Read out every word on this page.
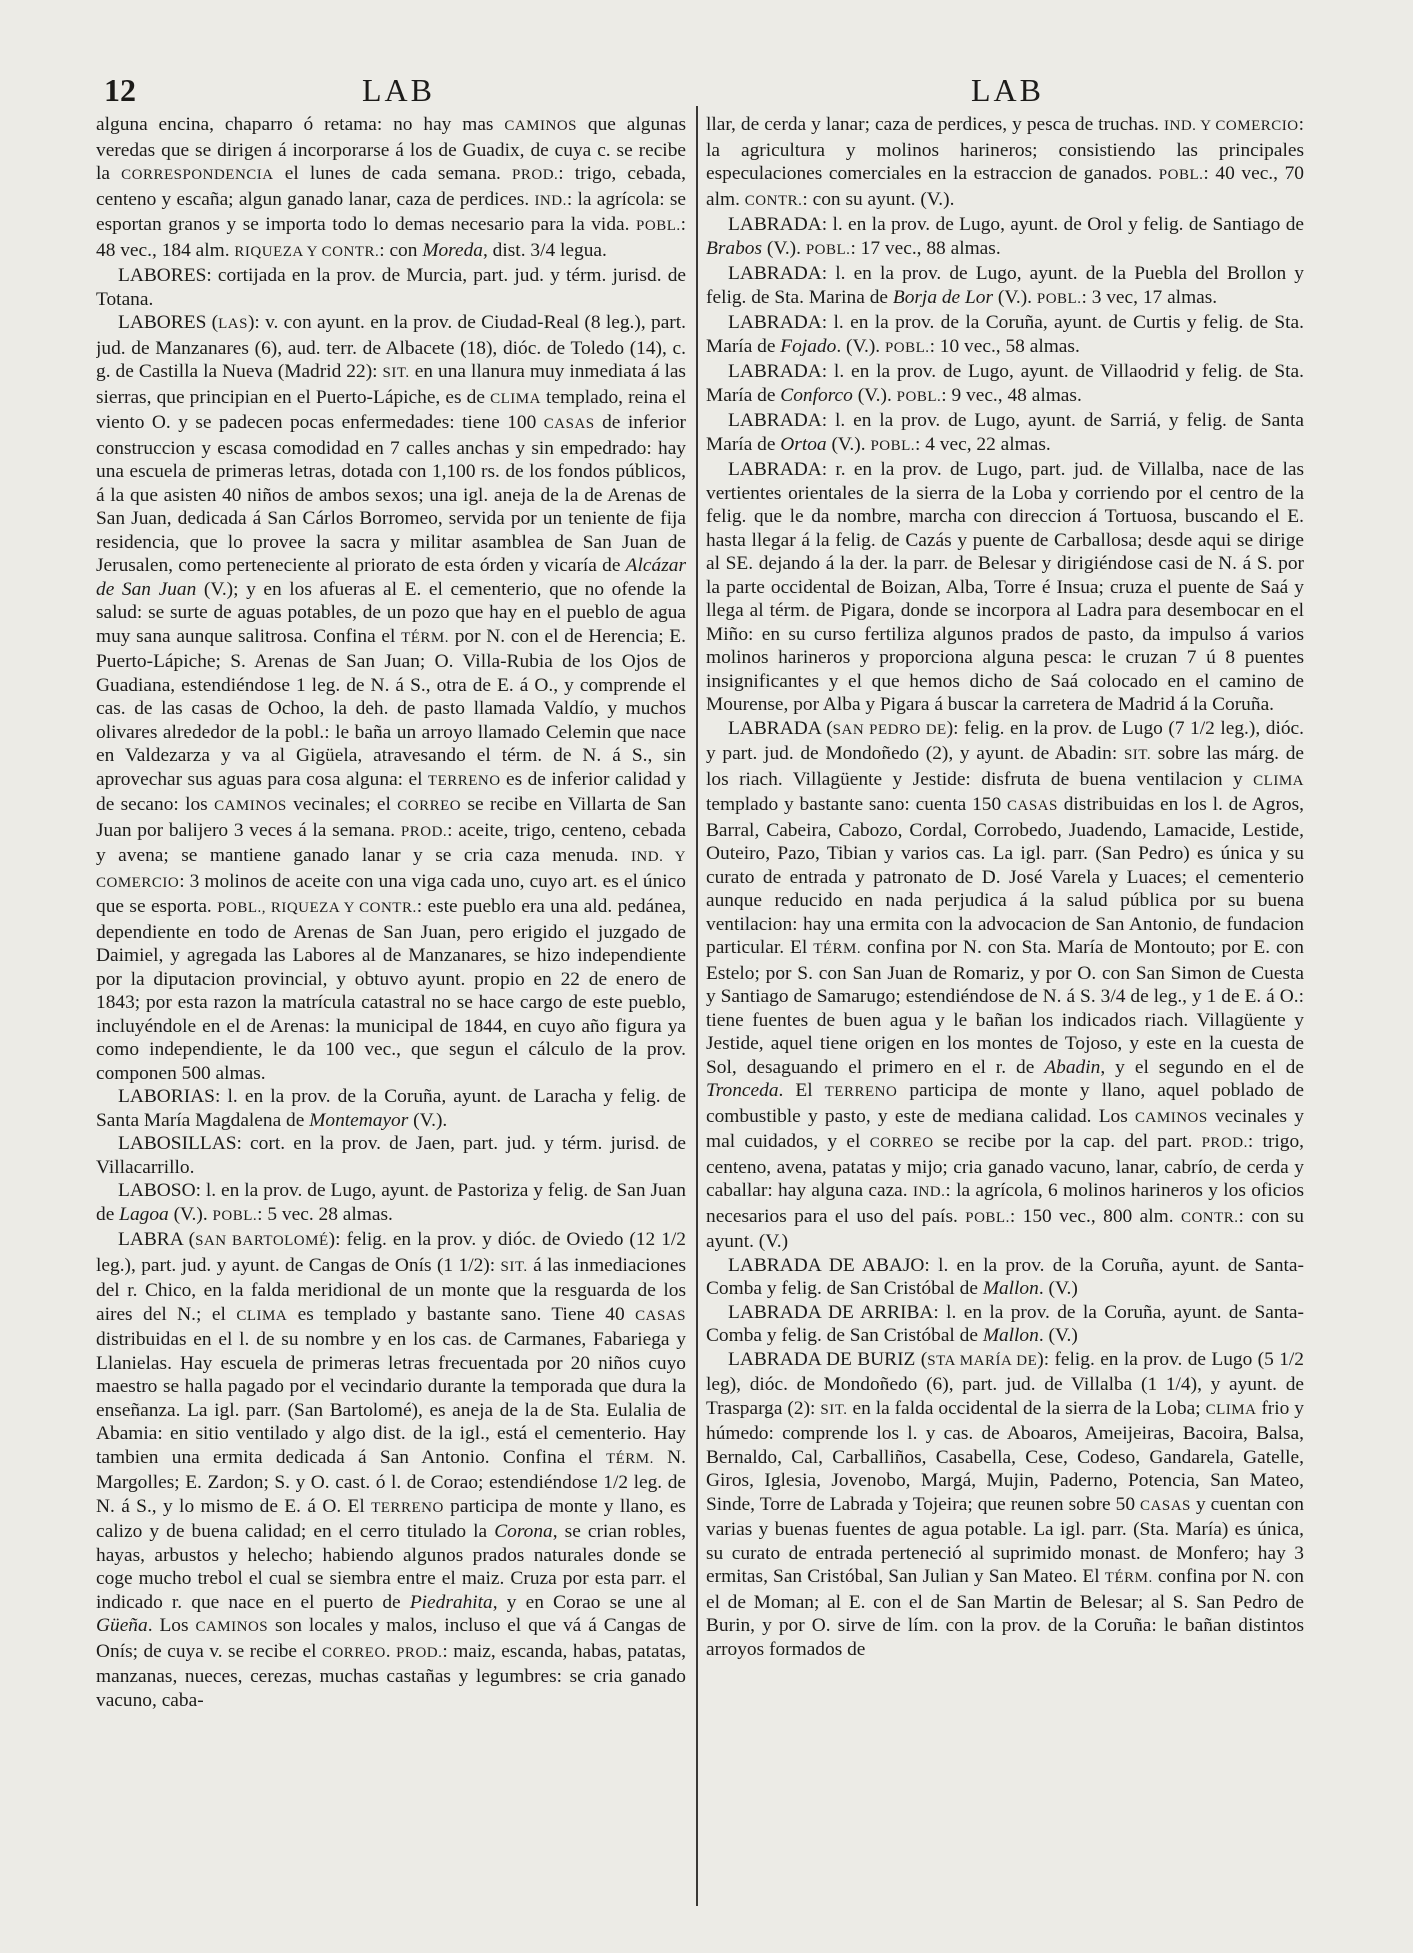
12	LAB	LAB

alguna encina, chaparro ó retama: no hay mas CAMINOS que algunas veredas que se dirigen á incorporarse á los de Guadix, de cuya c. se recibe la CORRESPONDENCIA el lunes de cada semana. PROD.: trigo, cebada, centeno y escaña; algun ganado lanar, caza de perdices. IND.: la agrícola: se esportan granos y se importa todo lo demas necesario para la vida. POBL.: 48 vec., 184 alm. RIQUEZA Y CONTR.: con Moreda, dist. 3/4 legua.

LABORES: cortijada en la prov. de Murcia, part. jud. y térm. jurisd. de Totana.

LABORES (LAS): v. con ayunt. en la prov. de Ciudad-Real (8 leg.), part. jud. de Manzanares (6), aud. terr. de Albacete (18), dióc. de Toledo (14), c. g. de Castilla la Nueva (Madrid 22): SIT. en una llanura muy inmediata á las sierras, que principian en el Puerto-Lápiche, es de CLIMA templado, reina el viento O. y se padecen pocas enfermedades: tiene 100 CASAS de inferior construccion y escasa comodidad en 7 calles anchas y sin empedrado: hay una escuela de primeras letras, dotada con 1,100 rs. de los fondos públicos, á la que asisten 40 niños de ambos sexos; una igl. aneja de la de Arenas de San Juan, dedicada á San Cárlos Borromeo, servida por un teniente de fija residencia, que lo provee la sacra y militar asamblea de San Juan de Jerusalen, como perteneciente al priorato de esta órden y vicaría de Alcázar de San Juan (V.); y en los afueras al E. el cementerio, que no ofende la salud: se surte de aguas potables, de un pozo que hay en el pueblo de agua muy sana aunque salitrosa. Confina el TÉRM. por N. con el de Herencia; E. Puerto-Lápiche; S. Arenas de San Juan; O. Villa-Rubia de los Ojos de Guadiana, estendiéndose 1 leg. de N. á S., otra de E. á O., y comprende el cas. de las casas de Ochoo, la deh. de pasto llamada Valdío, y muchos olivares alrededor de la pobl.: le baña un arroyo llamado Celemin que nace en Valdezarza y va al Gigüela, atravesando el térm. de N. á S., sin aprovechar sus aguas para cosa alguna: el TERRENO es de inferior calidad y de secano: los CAMINOS vecinales; el CORREO se recibe en Villarta de San Juan por balijero 3 veces á la semana. PROD.: aceite, trigo, centeno, cebada y avena; se mantiene ganado lanar y se cria caza menuda. IND. Y COMERCIO: 3 molinos de aceite con una viga cada uno, cuyo art. es el único que se esporta. POBL., RIQUEZA Y CONTR.: este pueblo era una ald. pedánea, dependiente en todo de Arenas de San Juan, pero erigido el juzgado de Daimiel, y agregada las Labores al de Manzanares, se hizo independiente por la diputacion provincial, y obtuvo ayunt. propio en 22 de enero de 1843; por esta razon la matrícula catastral no se hace cargo de este pueblo, incluyéndole en el de Arenas: la municipal de 1844, en cuyo año figura ya como independiente, le da 100 vec., que segun el cálculo de la prov. componen 500 almas.

LABORIAS: l. en la prov. de la Coruña, ayunt. de Laracha y felig. de Santa María Magdalena de Montemayor (V.).

LABOSILLAS: cort. en la prov. de Jaen, part. jud. y térm. jurisd. de Villacarrillo.

LABOSO: l. en la prov. de Lugo, ayunt. de Pastoriza y felig. de San Juan de Lagoa (V.). POBL.: 5 vec. 28 almas.

LABRA (SAN BARTOLOMÉ): felig. en la prov. y dióc. de Oviedo (12 1/2 leg.), part. jud. y ayunt. de Cangas de Onís (1 1/2): SIT. á las inmediaciones del r. Chico, en la falda meridional de un monte que la resguarda de los aires del N.; el CLIMA es templado y bastante sano. Tiene 40 CASAS distribuidas en el l. de su nombre y en los cas. de Carmanes, Fabariega y Llanielas. Hay escuela de primeras letras frecuentada por 20 niños cuyo maestro se halla pagado por el vecindario durante la temporada que dura la enseñanza. La igl. parr. (San Bartolomé), es aneja de la de Sta. Eulalia de Abamia: en sitio ventilado y algo dist. de la igl., está el cementerio. Hay tambien una ermita dedicada á San Antonio. Confina el TÉRM. N. Margolles; E. Zardon; S. y O. cast. ó l. de Corao; estendiéndose 1/2 leg. de N. á S., y lo mismo de E. á O. El TERRENO participa de monte y llano, es calizo y de buena calidad; en el cerro titulado la Corona, se crian robles, hayas, arbustos y helecho; habiendo algunos prados naturales donde se coge mucho trebol el cual se siembra entre el maiz. Cruza por esta parr. el indicado r. que nace en el puerto de Piedrahita, y en Corao se une al Güeña. Los CAMINOS son locales y malos, incluso el que vá á Cangas de Onís; de cuya v. se recibe el CORREO. PROD.: maiz, escanda, habas, patatas, manzanas, nueces, cerezas, muchas castañas y legumbres: se cria ganado vacuno, caba-

llar, de cerda y lanar; caza de perdices, y pesca de truchas. IND. Y COMERCIO: la agricultura y molinos harineros; consistiendo las principales especulaciones comerciales en la estraccion de ganados. POBL.: 40 vec., 70 alm. CONTR.: con su ayunt. (V.).

LABRADA: l. en la prov. de Lugo, ayunt. de Orol y felig. de Santiago de Brabos (V.). POBL.: 17 vec., 88 almas.

LABRADA: l. en la prov. de Lugo, ayunt. de la Puebla del Brollon y felig. de Sta. Marina de Borja de Lor (V.). POBL.: 3 vec, 17 almas.

LABRADA: l. en la prov. de la Coruña, ayunt. de Curtis y felig. de Sta. María de Fojado. (V.). POBL.: 10 vec., 58 almas.

LABRADA: l. en la prov. de Lugo, ayunt. de Villaodrid y felig. de Sta. María de Conforco (V.). POBL.: 9 vec., 48 almas.

LABRADA: l. en la prov. de Lugo, ayunt. de Sarriá, y felig. de Santa María de Ortoa (V.). POBL.: 4 vec, 22 almas.

LABRADA: r. en la prov. de Lugo, part. jud. de Villalba, nace de las vertientes orientales de la sierra de la Loba y corriendo por el centro de la felig. que le da nombre, marcha con direccion á Tortuosa, buscando el E. hasta llegar á la felig. de Cazás y puente de Carballosa; desde aqui se dirige al SE. dejando á la der. la parr. de Belesar y dirigiéndose casi de N. á S. por la parte occidental de Boizan, Alba, Torre é Insua; cruza el puente de Saá y llega al térm. de Pigara, donde se incorpora al Ladra para desembocar en el Miño: en su curso fertiliza algunos prados de pasto, da impulso á varios molinos harineros y proporciona alguna pesca: le cruzan 7 ú 8 puentes insignificantes y el que hemos dicho de Saá colocado en el camino de Mourense, por Alba y Pigara á buscar la carretera de Madrid á la Coruña.

LABRADA (SAN PEDRO DE): felig. en la prov. de Lugo (7 1/2 leg.), dióc. y part. jud. de Mondoñedo (2), y ayunt. de Abadin: SIT. sobre las márg. de los riach. Villagüente y Jestide: disfruta de buena ventilacion y CLIMA templado y bastante sano: cuenta 150 CASAS distribuidas en los l. de Agros, Barral, Cabeira, Cabozo, Cordal, Corrobedo, Juadendo, Lamacide, Lestide, Outeiro, Pazo, Tibian y varios cas. La igl. parr. (San Pedro) es única y su curato de entrada y patronato de D. José Varela y Luaces; el cementerio aunque reducido en nada perjudica á la salud pública por su buena ventilacion: hay una ermita con la advocacion de San Antonio, de fundacion particular. El TÉRM. confina por N. con Sta. María de Montouto; por E. con Estelo; por S. con San Juan de Romariz, y por O. con San Simon de Cuesta y Santiago de Samarugo; estendiéndose de N. á S. 3/4 de leg., y 1 de E. á O.: tiene fuentes de buen agua y le bañan los indicados riach. Villagüente y Jestide, aquel tiene origen en los montes de Tojoso, y este en la cuesta de Sol, desaguando el primero en el r. de Abadin, y el segundo en el de Tronceda. El TERRENO participa de monte y llano, aquel poblado de combustible y pasto, y este de mediana calidad. Los CAMINOS vecinales y mal cuidados, y el CORREO se recibe por la cap. del part. PROD.: trigo, centeno, avena, patatas y mijo; cria ganado vacuno, lanar, cabrío, de cerda y caballar: hay alguna caza. IND.: la agrícola, 6 molinos harineros y los oficios necesarios para el uso del país. POBL.: 150 vec., 800 alm. CONTR.: con su ayunt. (V.)

LABRADA DE ABAJO: l. en la prov. de la Coruña, ayunt. de Santa-Comba y felig. de San Cristóbal de Mallon. (V.)

LABRADA DE ARRIBA: l. en la prov. de la Coruña, ayunt. de Santa-Comba y felig. de San Cristóbal de Mallon. (V.)

LABRADA DE BURIZ (STA MARÍA DE): felig. en la prov. de Lugo (5 1/2 leg), dióc. de Mondoñedo (6), part. jud. de Villalba (1 1/4), y ayunt. de Trasparga (2): SIT. en la falda occidental de la sierra de la Loba; CLIMA frio y húmedo: comprende los l. y cas. de Aboaros, Ameijeiras, Bacoira, Balsa, Bernaldo, Cal, Carballiños, Casabella, Cese, Codeso, Gandarela, Gatelle, Giros, Iglesia, Jovenobo, Margá, Mujin, Paderno, Potencia, San Mateo, Sinde, Torre de Labrada y Tojeira; que reunen sobre 50 CASAS y cuentan con varias y buenas fuentes de agua potable. La igl. parr. (Sta. María) es única, su curato de entrada perteneció al suprimido monast. de Monfero; hay 3 ermitas, San Cristóbal, San Julian y San Mateo. El TÉRM. confina por N. con el de Moman; al E. con el de San Martin de Belesar; al S. San Pedro de Burin, y por O. sirve de lím. con la prov. de la Coruña: le bañan distintos arroyos formados de
